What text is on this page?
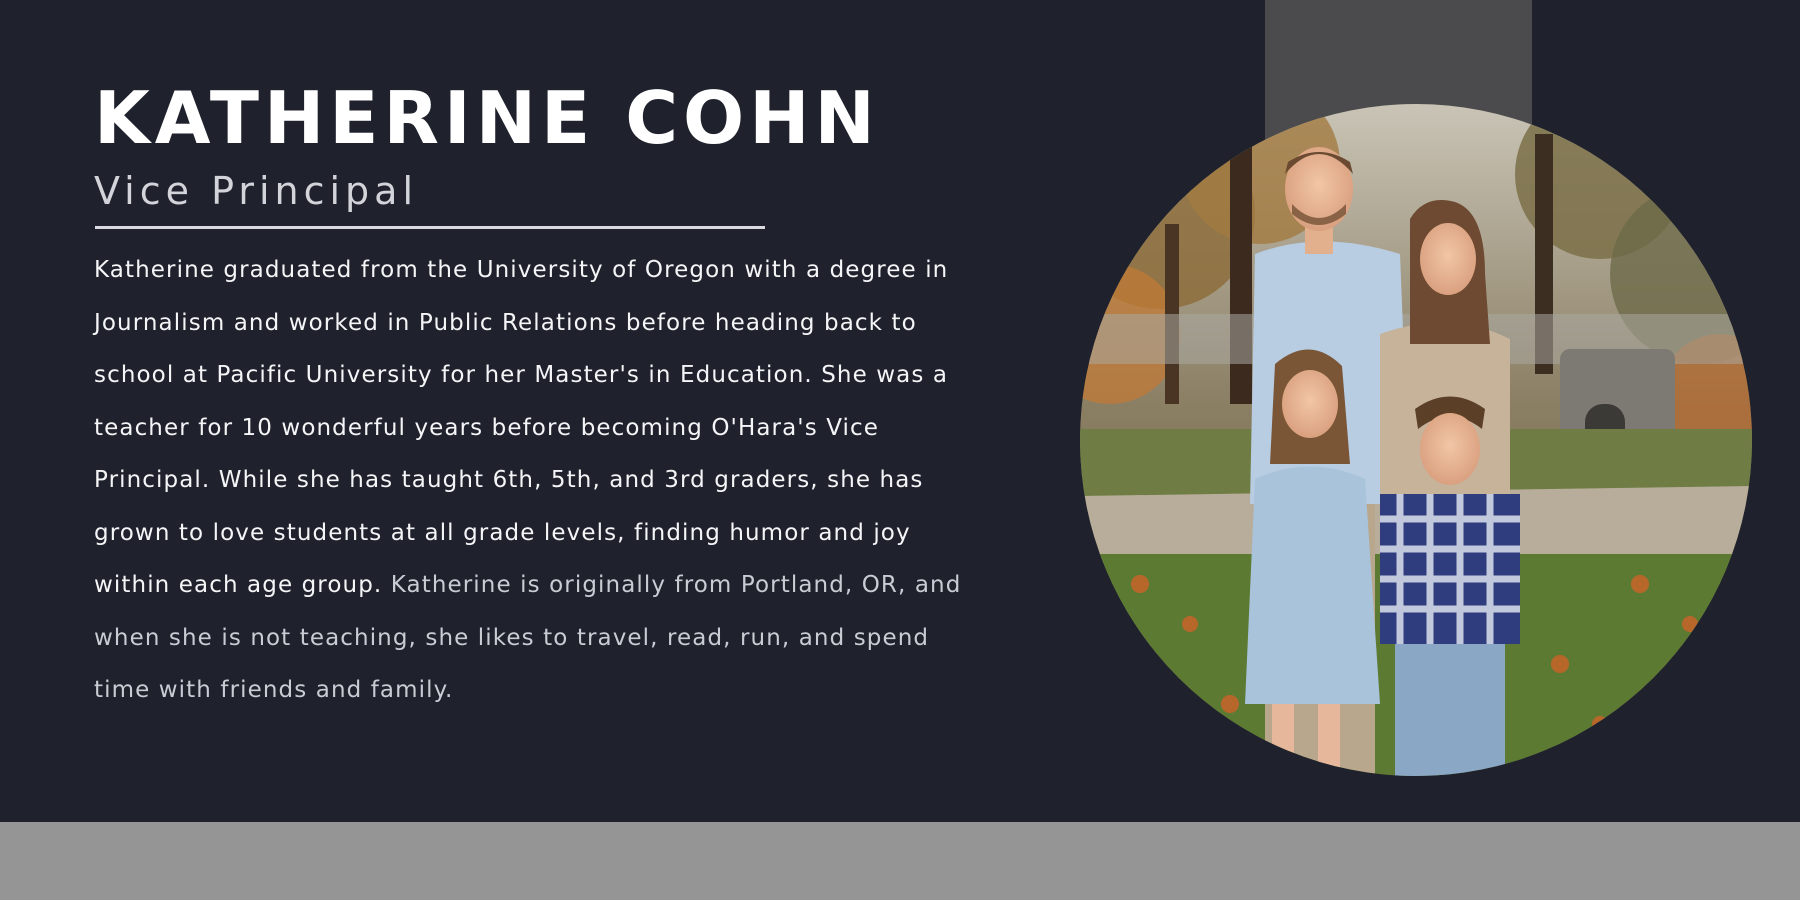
KATHERINE COHN
Vice Principal

Katherine graduated from the University of Oregon with a degree in
Journalism and worked in Public Relations before heading back to
school at Pacific University for her Master's in Education. She was a
teacher for 10 wonderful years before becoming O'Hara's Vice
Principal. While she has taught 6th, 5th, and 3rd graders, she has
grown to love students at all grade levels, finding humor and joy
within each age group. Katherine is originally from Portland, OR, and
when she is not teaching, she likes to travel, read, run, and spend
time with friends and family.
